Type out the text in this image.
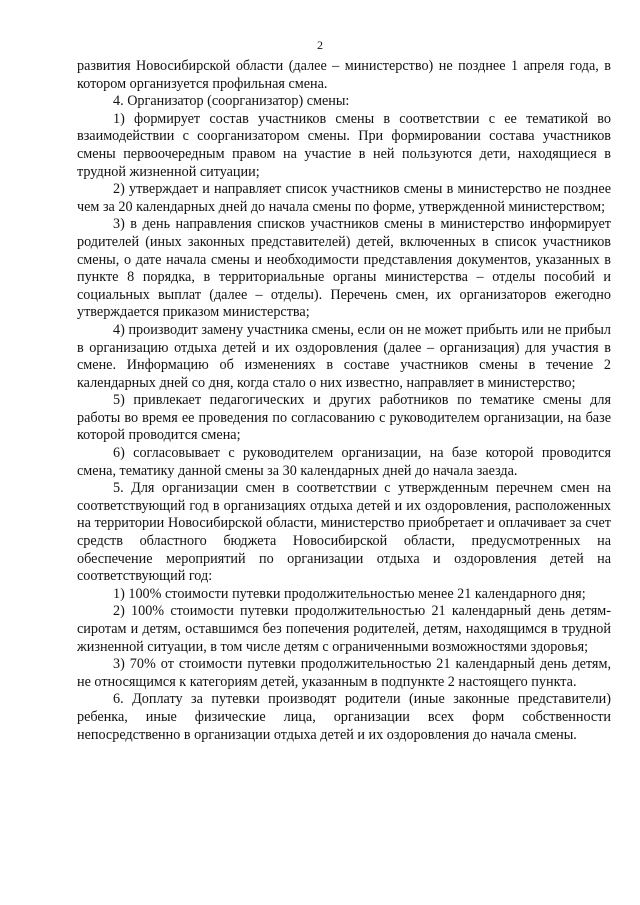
2

развития Новосибирской области (далее – министерство) не позднее 1 апреля года, в котором организуется профильная смена.

4. Организатор (соорганизатор) смены:

1) формирует состав участников смены в соответствии с ее тематикой во взаимодействии с соорганизатором смены. При формировании состава участников смены первоочередным правом на участие в ней пользуются дети, находящиеся в трудной жизненной ситуации;

2) утверждает и направляет список участников смены в министерство не позднее чем за 20 календарных дней до начала смены по форме, утвержденной министерством;

3) в день направления списков участников смены в министерство информирует родителей (иных законных представителей) детей, включенных в список участников смены, о дате начала смены и необходимости представления документов, указанных в пункте 8 порядка, в территориальные органы министерства – отделы пособий и социальных выплат (далее – отделы). Перечень смен, их организаторов ежегодно утверждается приказом министерства;

4) производит замену участника смены, если он не может прибыть или не прибыл в организацию отдыха детей и их оздоровления (далее – организация) для участия в смене. Информацию об изменениях в составе участников смены в течение 2 календарных дней со дня, когда стало о них известно, направляет в министерство;

5) привлекает педагогических и других работников по тематике смены для работы во время ее проведения по согласованию с руководителем организации, на базе которой проводится смена;

6) согласовывает с руководителем организации, на базе которой проводится смена, тематику данной смены за 30 календарных дней до начала заезда.

5. Для организации смен в соответствии с утвержденным перечнем смен на соответствующий год в организациях отдыха детей и их оздоровления, расположенных на территории Новосибирской области, министерство приобретает и оплачивает за счет средств областного бюджета Новосибирской области, предусмотренных на обеспечение мероприятий по организации отдыха и оздоровления детей на соответствующий год:

1) 100% стоимости путевки продолжительностью менее 21 календарного дня;

2) 100% стоимости путевки продолжительностью 21 календарный день детям-сиротам и детям, оставшимся без попечения родителей, детям, находящимся в трудной жизненной ситуации, в том числе детям с ограниченными возможностями здоровья;

3) 70% от стоимости путевки продолжительностью 21 календарный день детям, не относящимся к категориям детей, указанным в подпункте 2 настоящего пункта.

6. Доплату за путевки производят родители (иные законные представители) ребенка, иные физические лица, организации всех форм собственности непосредственно в организации отдыха детей и их оздоровления до начала смены.
